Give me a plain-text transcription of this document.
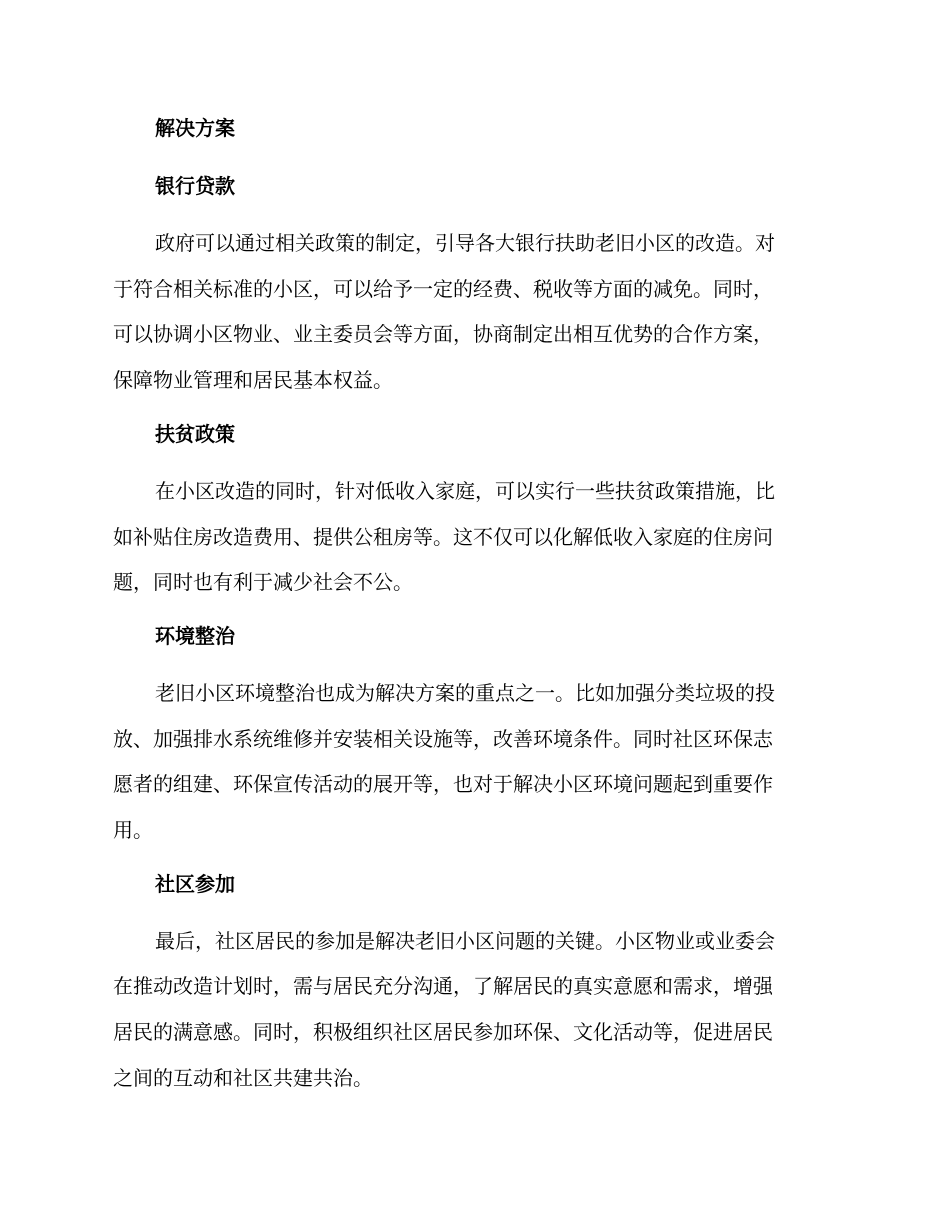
解决方案
银行贷款
政府可以通过相关政策的制定，引导各大银行扶助老旧小区的改造。对
于符合相关标准的小区，可以给予一定的经费、税收等方面的减免。同时，
可以协调小区物业、业主委员会等方面，协商制定出相互优势的合作方案，
保障物业管理和居民基本权益。
扶贫政策
在小区改造的同时，针对低收入家庭，可以实行一些扶贫政策措施，比
如补贴住房改造费用、提供公租房等。这不仅可以化解低收入家庭的住房问
题，同时也有利于减少社会不公。
环境整治
老旧小区环境整治也成为解决方案的重点之一。比如加强分类垃圾的投
放、加强排水系统维修并安装相关设施等，改善环境条件。同时社区环保志
愿者的组建、环保宣传活动的展开等，也对于解决小区环境问题起到重要作
用。
社区参加
最后，社区居民的参加是解决老旧小区问题的关键。小区物业或业委会
在推动改造计划时，需与居民充分沟通，了解居民的真实意愿和需求，增强
居民的满意感。同时，积极组织社区居民参加环保、文化活动等，促进居民
之间的互动和社区共建共治。
